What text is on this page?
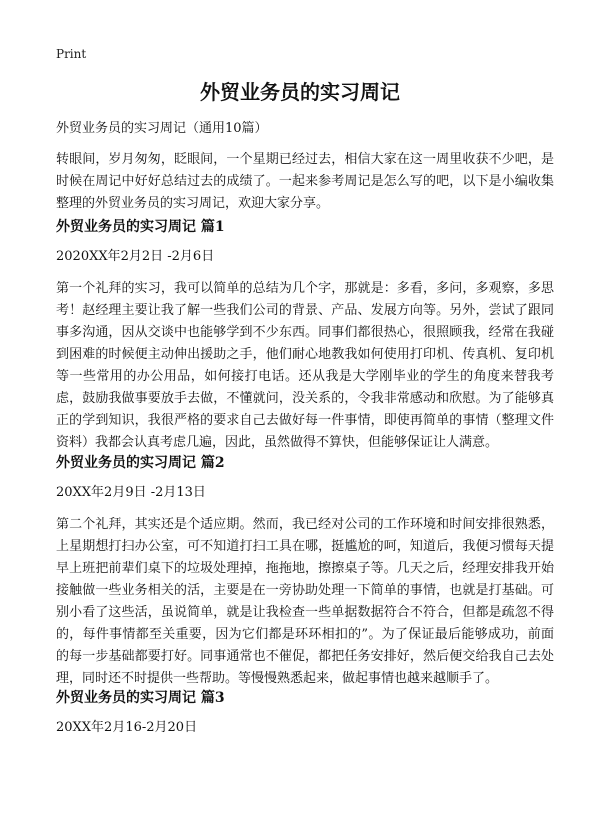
Print
外贸业务员的实习周记
外贸业务员的实习周记（通用10篇）

转眼间，岁月匆匆，眨眼间，一个星期已经过去，相信大家在这一周里收获不少吧，是时候在周记中好好总结过去的成绩了。一起来参考周记是怎么写的吧，以下是小编收集整理的外贸业务员的实习周记，欢迎大家分享。

外贸业务员的实习周记 篇1
2020XX年2月2日 -2月6日

第一个礼拜的实习，我可以简单的总结为几个字，那就是：多看，多问，多观察，多思考！赵经理主要让我了解一些我们公司的背景、产品、发展方向等。另外，尝试了跟同事多沟通，因从交谈中也能够学到不少东西。同事们都很热心，很照顾我，经常在我碰到困难的时候便主动伸出援助之手，他们耐心地教我如何使用打印机、传真机、复印机等一些常用的办公用品，如何接打电话。还从我是大学刚毕业的学生的角度来替我考虑，鼓励我做事要放手去做，不懂就问，没关系的，令我非常感动和欣慰。为了能够真正的学到知识，我很严格的要求自己去做好每一件事情，即使再简单的事情（整理文件资料）我都会认真考虑几遍，因此，虽然做得不算快，但能够保证让人满意。

外贸业务员的实习周记 篇2
20XX年2月9日 -2月13日

第二个礼拜，其实还是个适应期。然而，我已经对公司的工作环境和时间安排很熟悉，上星期想打扫办公室，可不知道打扫工具在哪，挺尴尬的呵，知道后，我便习惯每天提早上班把前辈们桌下的垃圾处理掉，拖拖地，擦擦桌子等。几天之后，经理安排我开始接触做一些业务相关的活，主要是在一旁协助处理一下简单的事情，也就是打基础。可别小看了这些活，虽说简单，就是让我检查一些单据数据符合不符合，但都是疏忽不得的，每件事情都至关重要，因为它们都是环环相扣的”。为了保证最后能够成功，前面的每一步基础都要打好。同事通常也不催促，都把任务安排好，然后便交给我自己去处理，同时还不时提供一些帮助。等慢慢熟悉起来，做起事情也越来越顺手了。

外贸业务员的实习周记 篇3
20XX年2月16-2月20日
